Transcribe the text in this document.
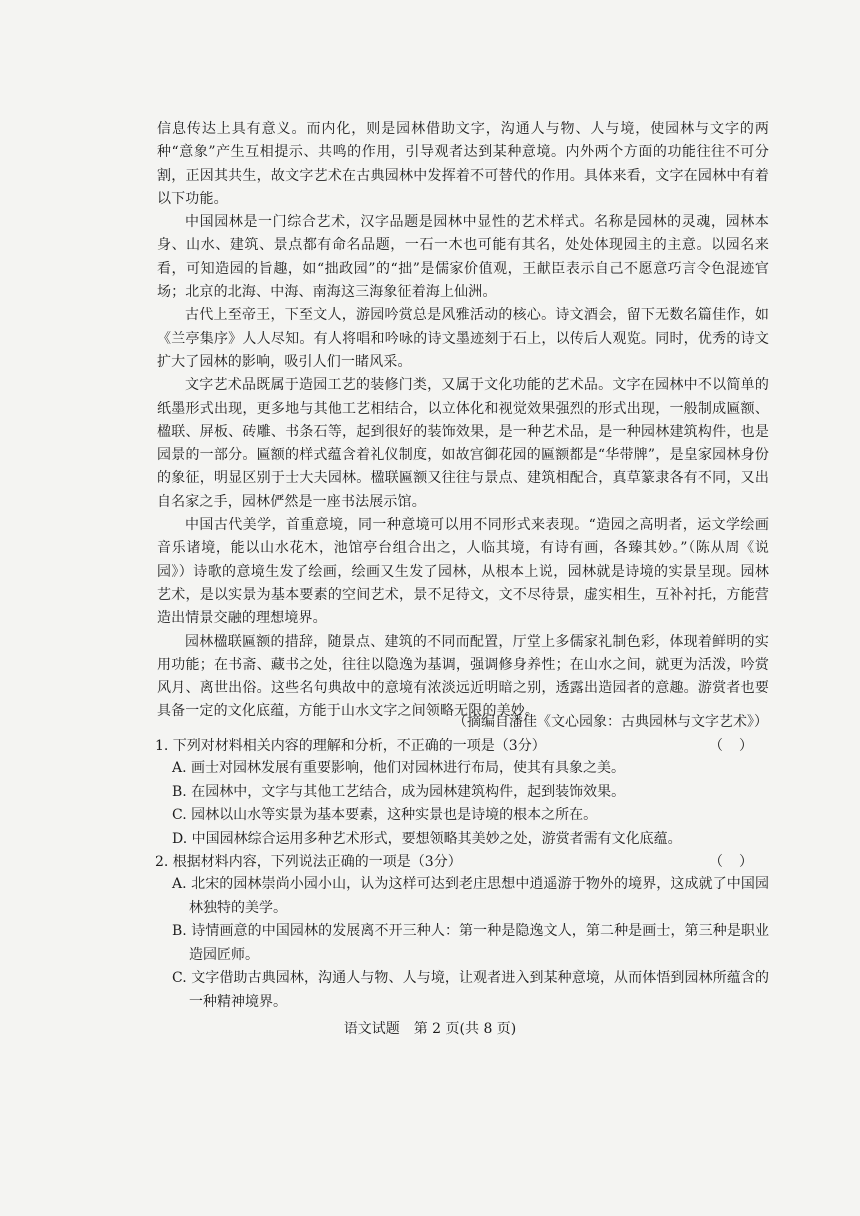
信息传达上具有意义。而内化，则是园林借助文字，沟通人与物、人与境，使园林与文字的两种“意象”产生互相提示、共鸣的作用，引导观者达到某种意境。内外两个方面的功能往往不可分割，正因其共生，故文字艺术在古典园林中发挥着不可替代的作用。具体来看，文字在园林中有着以下功能。

中国园林是一门综合艺术，汉字品题是园林中显性的艺术样式。名称是园林的灵魂，园林本身、山水、建筑、景点都有命名品题，一石一木也可能有其名，处处体现园主的主意。以园名来看，可知造园的旨趣，如“拙政园”的“拙”是儒家价值观，王献臣表示自己不愿意巧言令色混迹官场；北京的北海、中海、南海这三海象征着海上仙洲。

古代上至帝王，下至文人，游园吟赏总是风雅活动的核心。诗文酒会，留下无数名篇佳作，如《兰亭集序》人人尽知。有人将唱和吟咏的诗文墨迹刻于石上，以传后人观览。同时，优秀的诗文扩大了园林的影响，吸引人们一睹风采。

文字艺术品既属于造园工艺的装修门类，又属于文化功能的艺术品。文字在园林中不以简单的纸墨形式出现，更多地与其他工艺相结合，以立体化和视觉效果强烈的形式出现，一般制成匾额、楹联、屏板、砖雕、书条石等，起到很好的装饰效果，是一种艺术品，是一种园林建筑构件，也是园景的一部分。匾额的样式蕴含着礼仪制度，如故宫御花园的匾额都是“华带牌”，是皇家园林身份的象征，明显区别于士大夫园林。楹联匾额又往往与景点、建筑相配合，真草篆隶各有不同，又出自名家之手，园林俨然是一座书法展示馆。

中国古代美学，首重意境，同一种意境可以用不同形式来表现。“造园之高明者，运文学绘画音乐诸境，能以山水花木，池馆亭台组合出之，人临其境，有诗有画，各臻其妙。”（陈从周《说园》）诗歌的意境生发了绘画，绘画又生发了园林，从根本上说，园林就是诗境的实景呈现。园林艺术，是以实景为基本要素的空间艺术，景不足待文，文不尽待景，虚实相生，互补衬托，方能营造出情景交融的理想境界。

园林楹联匾额的措辞，随景点、建筑的不同而配置，厅堂上多儒家礼制色彩，体现着鲜明的实用功能；在书斋、藏书之处，往往以隐逸为基调，强调修身养性；在山水之间，就更为活泼，吟赏风月、离世出俗。这些名句典故中的意境有浓淡远近明暗之别，透露出造园者的意趣。游赏者也要具备一定的文化底蕴，方能于山水文字之间领略无限的美妙。

（摘编自潘佳《文心园象：古典园林与文字艺术》）
1. 下列对材料相关内容的理解和分析，不正确的一项是（3分）	（）
A. 画士对园林发展有重要影响，他们对园林进行布局，使其有具象之美。
B. 在园林中，文字与其他工艺结合，成为园林建筑构件，起到装饰效果。
C. 园林以山水等实景为基本要素，这种实景也是诗境的根本之所在。
D. 中国园林综合运用多种艺术形式，要想领略其美妙之处，游赏者需有文化底蕴。
2. 根据材料内容，下列说法正确的一项是（3分）	（）
A. 北宋的园林崇尚小园小山，认为这样可达到老庄思想中逍遥游于物外的境界，这成就了中国园林独特的美学。
B. 诗情画意的中国园林的发展离不开三种人：第一种是隐逸文人，第二种是画士，第三种是职业造园匠师。
C. 文字借助古典园林，沟通人与物、人与境，让观者进入到某种意境，从而体悟到园林所蕴含的一种精神境界。
语文试题 第 2 页(共 8 页)
